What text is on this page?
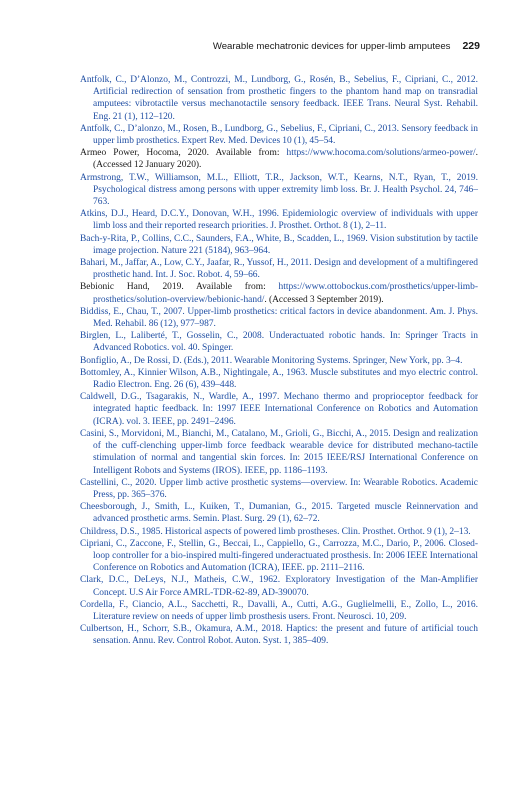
Wearable mechatronic devices for upper-limb amputees 229
Antfolk, C., D’Alonzo, M., Controzzi, M., Lundborg, G., Rosén, B., Sebelius, F., Cipriani, C., 2012. Artificial redirection of sensation from prosthetic fingers to the phantom hand map on transradial amputees: vibrotactile versus mechanotactile sensory feedback. IEEE Trans. Neural Syst. Rehabil. Eng. 21 (1), 112–120.
Antfolk, C., D’alonzo, M., Rosen, B., Lundborg, G., Sebelius, F., Cipriani, C., 2013. Sensory feedback in upper limb prosthetics. Expert Rev. Med. Devices 10 (1), 45–54.
Armeo Power, Hocoma, 2020. Available from: https://www.hocoma.com/solutions/armeo-power/. (Accessed 12 January 2020).
Armstrong, T.W., Williamson, M.L., Elliott, T.R., Jackson, W.T., Kearns, N.T., Ryan, T., 2019. Psychological distress among persons with upper extremity limb loss. Br. J. Health Psychol. 24, 746–763.
Atkins, D.J., Heard, D.C.Y., Donovan, W.H., 1996. Epidemiologic overview of individuals with upper limb loss and their reported research priorities. J. Prosthet. Orthot. 8 (1), 2–11.
Bach-y-Rita, P., Collins, C.C., Saunders, F.A., White, B., Scadden, L., 1969. Vision substitution by tactile image projection. Nature 221 (5184), 963–964.
Bahari, M., Jaffar, A., Low, C.Y., Jaafar, R., Yussof, H., 2011. Design and development of a multifingered prosthetic hand. Int. J. Soc. Robot. 4, 59–66.
Bebionic Hand, 2019. Available from: https://www.ottobockus.com/prosthetics/upper-limb-prosthetics/solution-overview/bebionic-hand/. (Accessed 3 September 2019).
Biddiss, E., Chau, T., 2007. Upper-limb prosthetics: critical factors in device abandonment. Am. J. Phys. Med. Rehabil. 86 (12), 977–987.
Birglen, L., Laliberté, T., Gosselin, C., 2008. Underactuated robotic hands. In: Springer Tracts in Advanced Robotics. vol. 40. Spinger.
Bonfiglio, A., De Rossi, D. (Eds.), 2011. Wearable Monitoring Systems. Springer, New York, pp. 3–4.
Bottomley, A., Kinnier Wilson, A.B., Nightingale, A., 1963. Muscle substitutes and myo electric control. Radio Electron. Eng. 26 (6), 439–448.
Caldwell, D.G., Tsagarakis, N., Wardle, A., 1997. Mechano thermo and proprioceptor feedback for integrated haptic feedback. In: 1997 IEEE International Conference on Robotics and Automation (ICRA). vol. 3. IEEE, pp. 2491–2496.
Casini, S., Morvidoni, M., Bianchi, M., Catalano, M., Grioli, G., Bicchi, A., 2015. Design and realization of the cuff-clenching upper-limb force feedback wearable device for distributed mechano-tactile stimulation of normal and tangential skin forces. In: 2015 IEEE/RSJ International Conference on Intelligent Robots and Systems (IROS). IEEE, pp. 1186–1193.
Castellini, C., 2020. Upper limb active prosthetic systems—overview. In: Wearable Robotics. Academic Press, pp. 365–376.
Cheesborough, J., Smith, L., Kuiken, T., Dumanian, G., 2015. Targeted muscle Reinnervation and advanced prosthetic arms. Semin. Plast. Surg. 29 (1), 62–72.
Childress, D.S., 1985. Historical aspects of powered limb prostheses. Clin. Prosthet. Orthot. 9 (1), 2–13.
Cipriani, C., Zaccone, F., Stellin, G., Beccai, L., Cappiello, G., Carrozza, M.C., Dario, P., 2006. Closed-loop controller for a bio-inspired multi-fingered underactuated prosthesis. In: 2006 IEEE International Conference on Robotics and Automation (ICRA), IEEE. pp. 2111–2116.
Clark, D.C., DeLeys, N.J., Matheis, C.W., 1962. Exploratory Investigation of the Man-Amplifier Concept. U.S Air Force AMRL-TDR-62-89, AD-390070.
Cordella, F., Ciancio, A.L., Sacchetti, R., Davalli, A., Cutti, A.G., Guglielmelli, E., Zollo, L., 2016. Literature review on needs of upper limb prosthesis users. Front. Neurosci. 10, 209.
Culbertson, H., Schorr, S.B., Okamura, A.M., 2018. Haptics: the present and future of artificial touch sensation. Annu. Rev. Control Robot. Auton. Syst. 1, 385–409.
